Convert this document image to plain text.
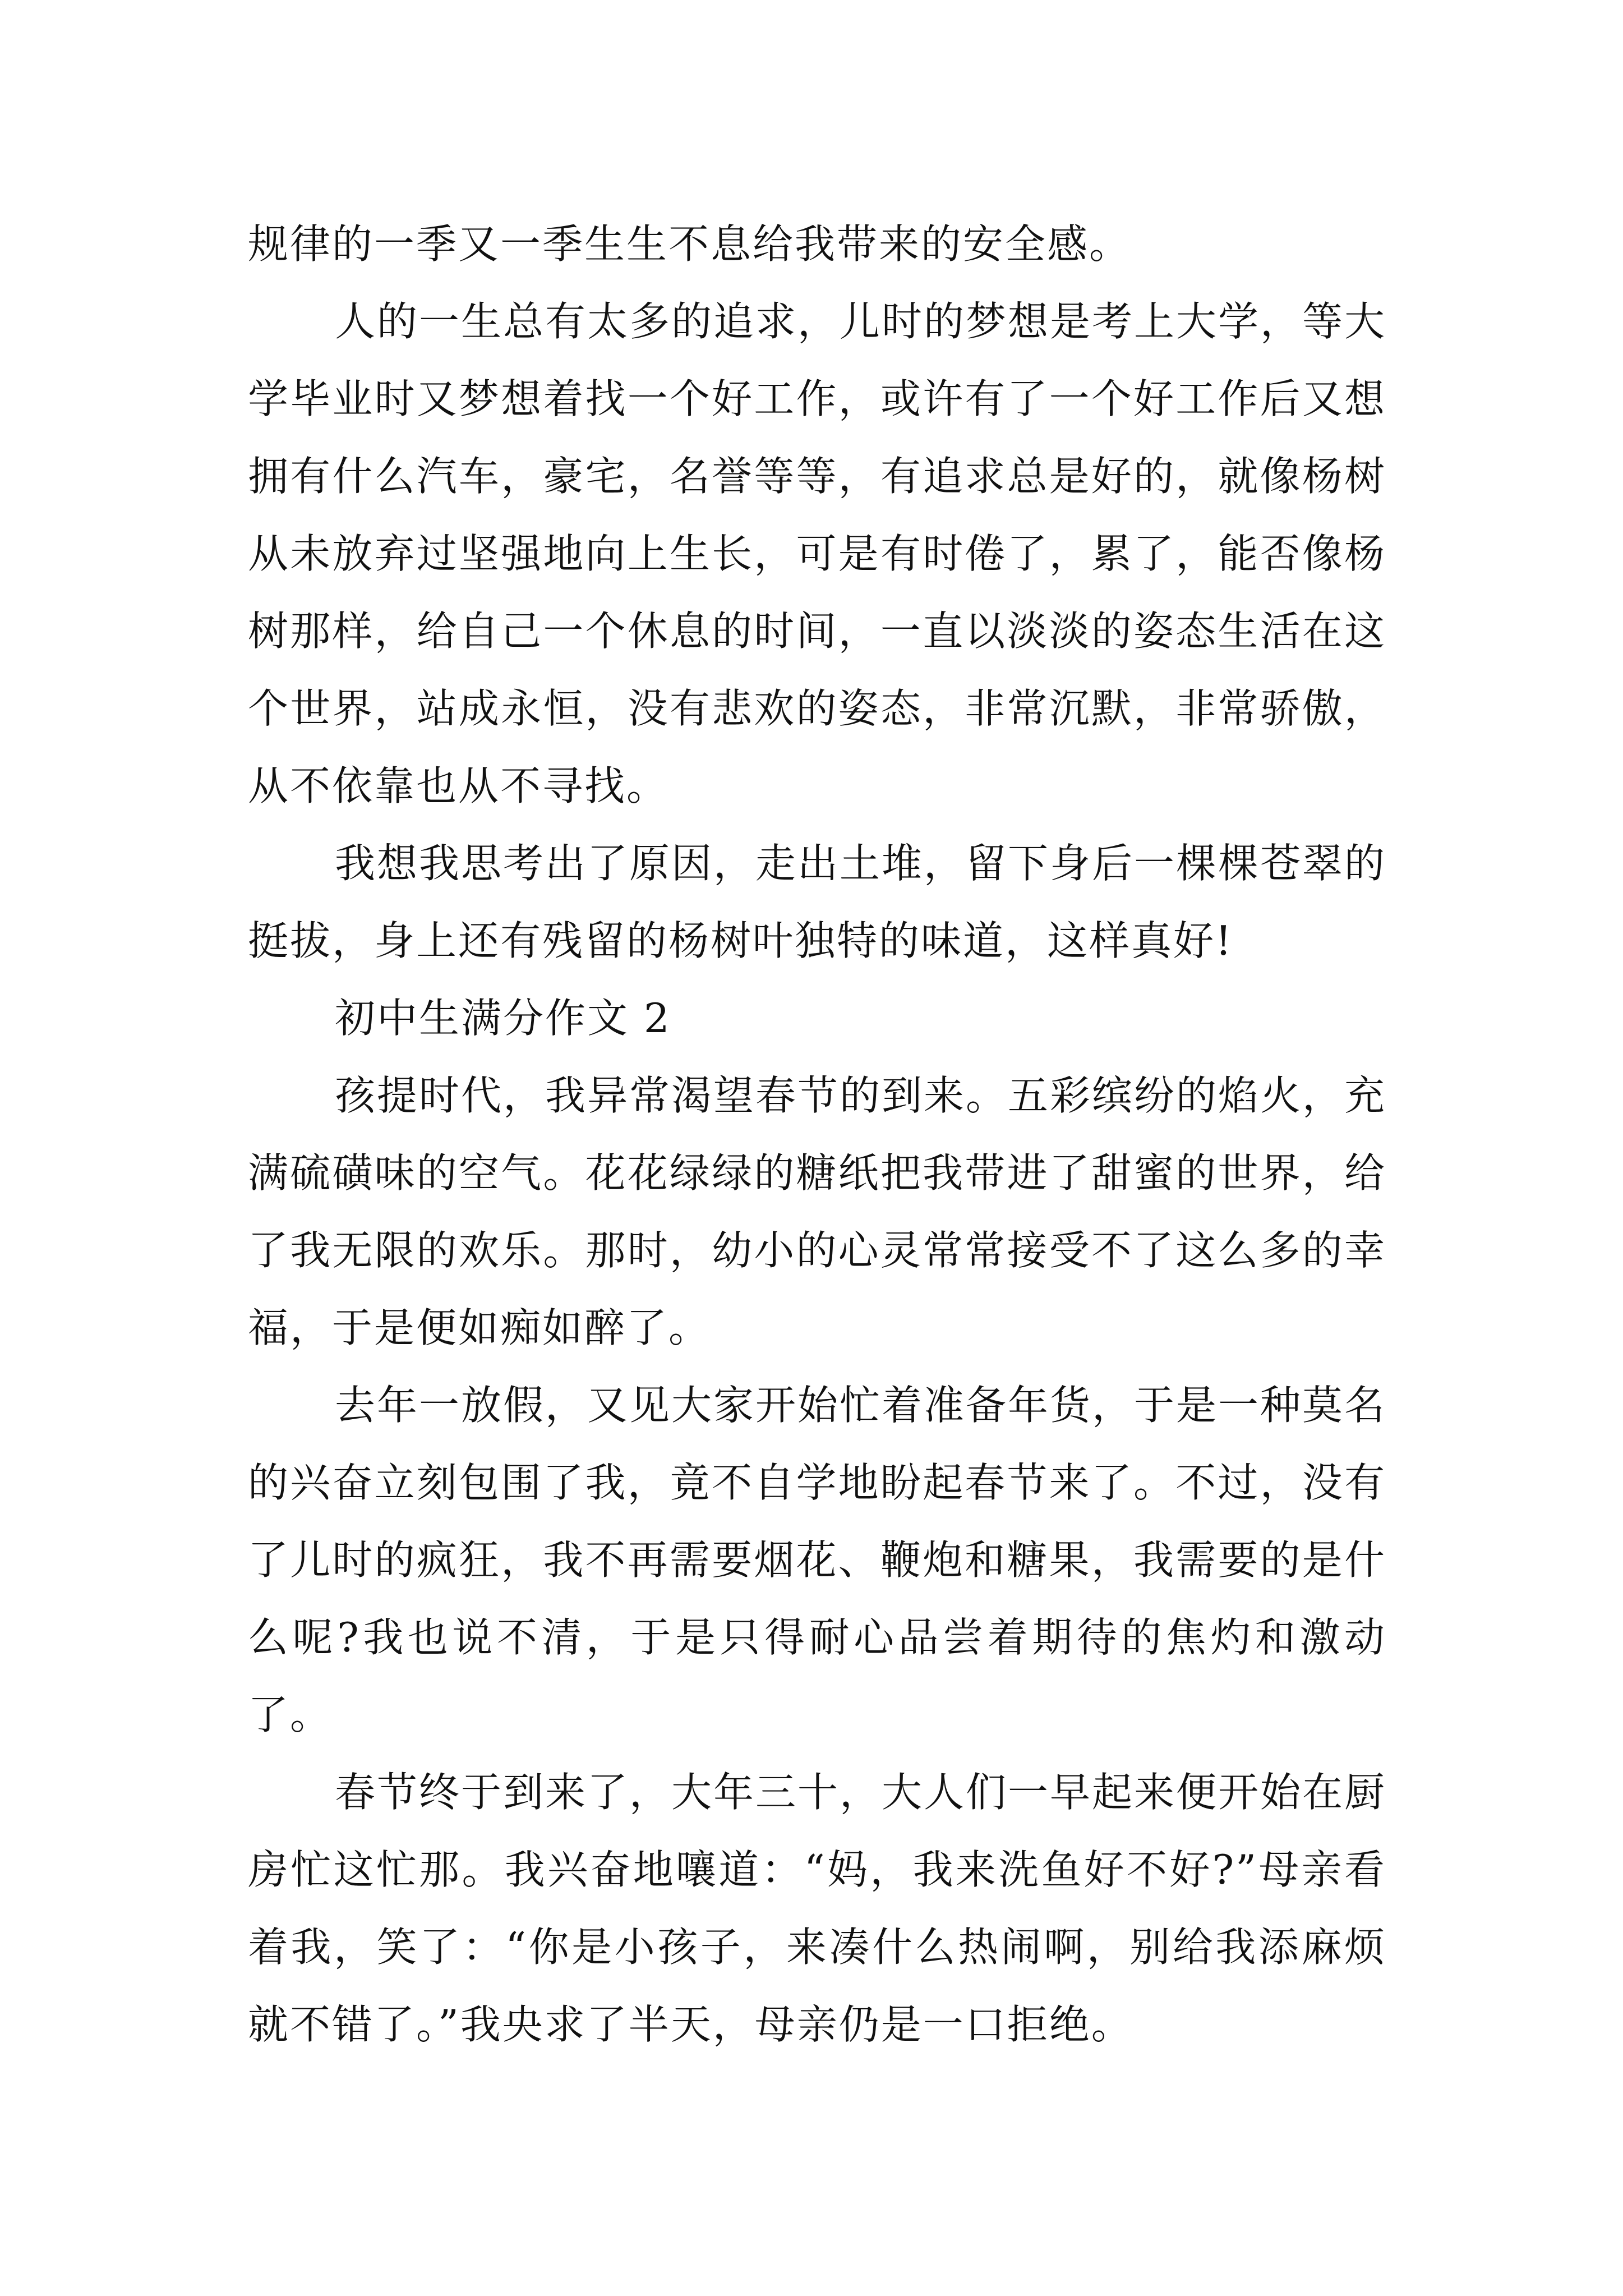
规律的一季又一季生生不息给我带来的安全感。

人的一生总有太多的追求，儿时的梦想是考上大学，等大学毕业时又梦想着找一个好工作，或许有了一个好工作后又想拥有什么汽车，豪宅，名誉等等，有追求总是好的，就像杨树从未放弃过坚强地向上生长，可是有时倦了，累了，能否像杨树那样，给自己一个休息的时间，一直以淡淡的姿态生活在这个世界，站成永恒，没有悲欢的姿态，非常沉默，非常骄傲，从不依靠也从不寻找。

我想我思考出了原因，走出土堆，留下身后一棵棵苍翠的挺拔，身上还有残留的杨树叶独特的味道，这样真好!

初中生满分作文 2

孩提时代，我异常渴望春节的到来。五彩缤纷的焰火，充满硫磺味的空气。花花绿绿的糖纸把我带进了甜蜜的世界，给了我无限的欢乐。那时，幼小的心灵常常接受不了这么多的幸福，于是便如痴如醉了。

去年一放假，又见大家开始忙着准备年货，于是一种莫名的兴奋立刻包围了我，竟不自学地盼起春节来了。不过，没有了儿时的疯狂，我不再需要烟花、鞭炮和糖果，我需要的是什么呢?我也说不清，于是只得耐心品尝着期待的焦灼和激动了。

春节终于到来了，大年三十，大人们一早起来便开始在厨房忙这忙那。我兴奋地嚷道：“妈，我来洗鱼好不好?”母亲看着我，笑了：“你是小孩子，来凑什么热闹啊，别给我添麻烦就不错了。”我央求了半天，母亲仍是一口拒绝。
